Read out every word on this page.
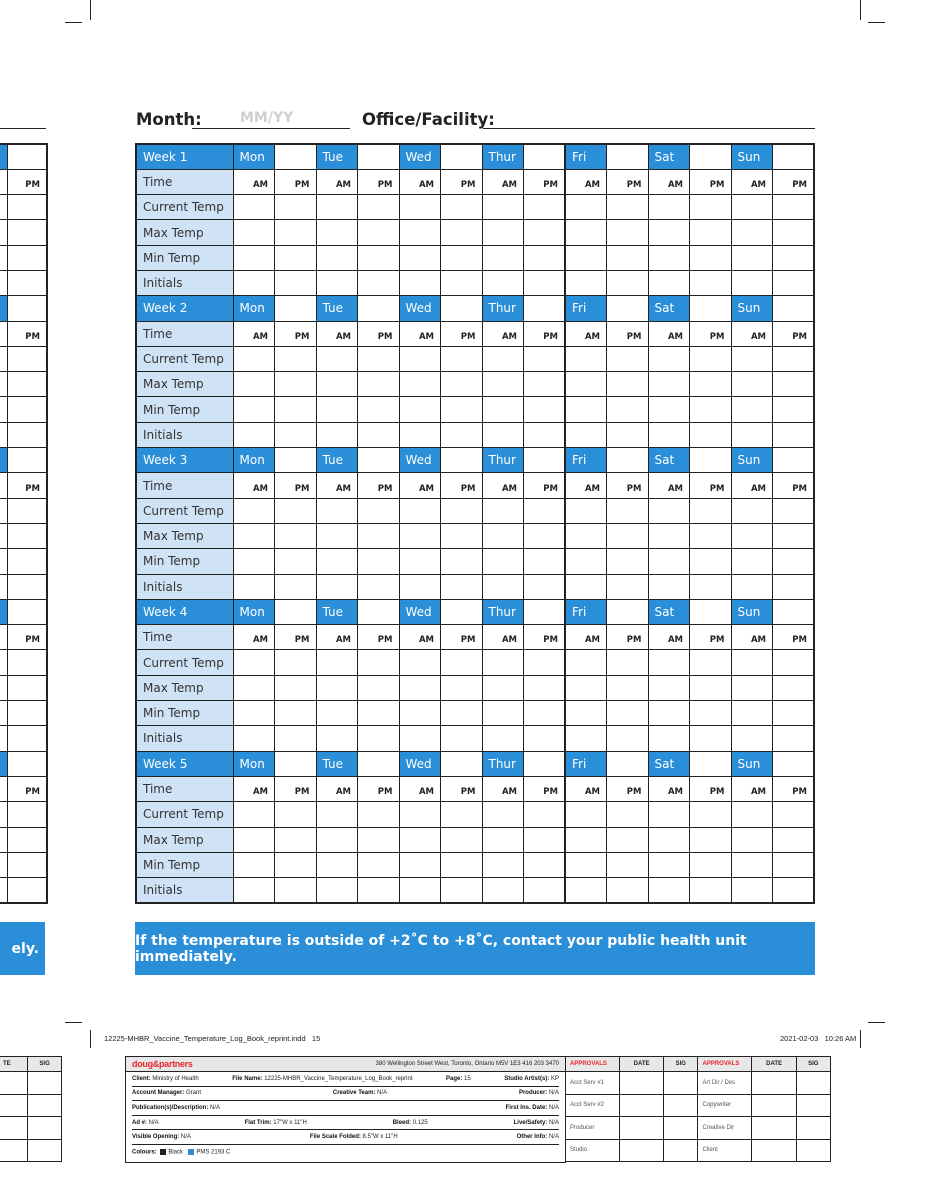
	PM

	PM

	PM

	PM

	PM

ely.
Month:	MM/YY	Office/Facility:
Week 1	Mon		Tue		Wed		Thur		Fri		Sat		Sun	
Time	AM	PM	AM	PM	AM	PM	AM	PM	AM	PM	AM	PM	AM	PM
Current Temp														
Max Temp														
Min Temp														
Initials														
Week 2	Mon		Tue		Wed		Thur		Fri		Sat		Sun	
Time	AM	PM	AM	PM	AM	PM	AM	PM	AM	PM	AM	PM	AM	PM
Current Temp														
Max Temp														
Min Temp														
Initials														
Week 3	Mon		Tue		Wed		Thur		Fri		Sat		Sun	
Time	AM	PM	AM	PM	AM	PM	AM	PM	AM	PM	AM	PM	AM	PM
Current Temp														
Max Temp														
Min Temp														
Initials														
Week 4	Mon		Tue		Wed		Thur		Fri		Sat		Sun	
Time	AM	PM	AM	PM	AM	PM	AM	PM	AM	PM	AM	PM	AM	PM
Current Temp														
Max Temp														
Min Temp														
Initials														
Week 5	Mon		Tue		Wed		Thur		Fri		Sat		Sun	
Time	AM	PM	AM	PM	AM	PM	AM	PM	AM	PM	AM	PM	AM	PM
Current Temp														
Max Temp														
Min Temp														
Initials														
If the temperature is outside of +2˚C to +8˚C, contact your public health unit immediately.
12225-MHBR_Vaccine_Temperature_Log_Book_reprint.indd   15	2021-02-03   10:26 AM
doug&partners	380 Wellington Street West, Toronto, Ontario M5V 1E3 416 203 3470
Client: Ministry of Health	File Name: 12225-MHBR_Vaccine_Temperature_Log_Book_reprint	Page: 15	Studio Artist(s): KP
Account Manager: Grant	Creative Team: N/A	Producer: N/A
Publication(s)/Description: N/A	First Ins. Date: N/A
Ad #: N/A	Flat Trim: 17"W x 11"H	Bleed: 0.125	Live/Safety: N/A
Visible Opening: N/A	File Scale Folded: 8.5"W x 11"H	Other Info: N/A
Colours: Black PMS 2193 C
APPROVALS	DATE	SIG	APPROVALS	DATE	SIG
Acct Serv #1			Art Dir / Des		
Acct Serv #2			Copywriter		
Producer			Creative Dir		
Studio			Client		
TE	SIG
